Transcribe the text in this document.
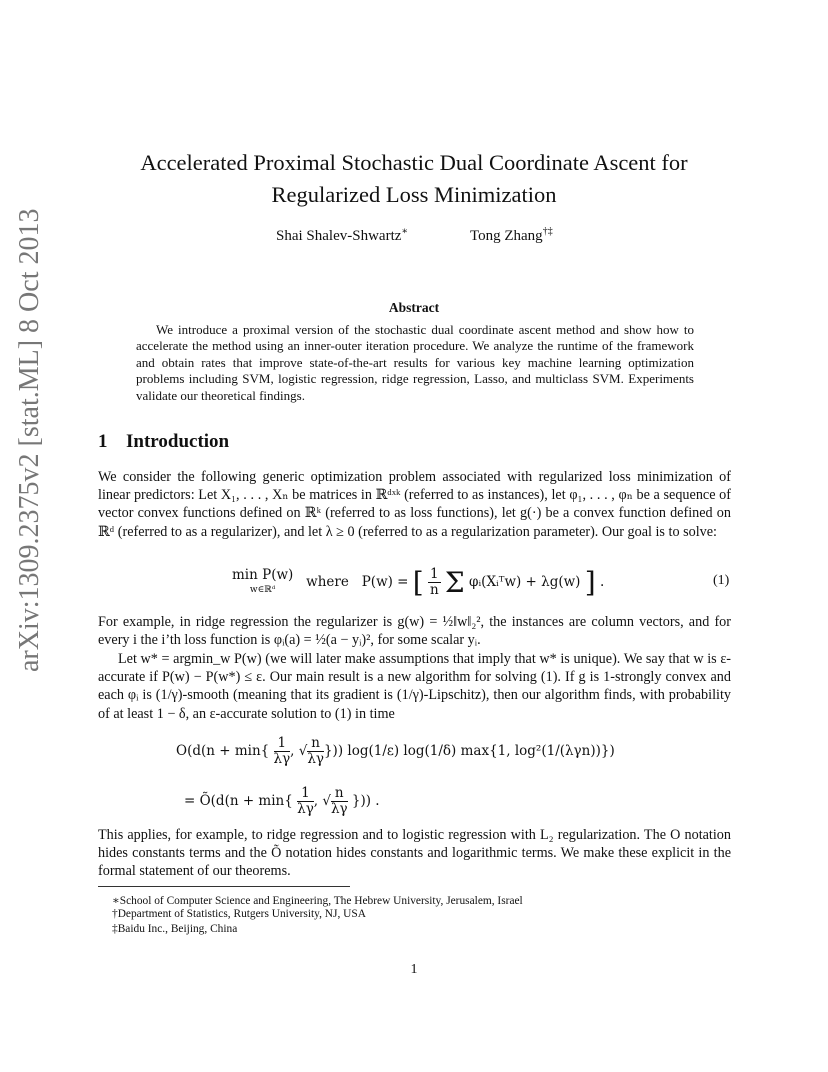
arXiv:1309.2375v2 [stat.ML] 8 Oct 2013
Accelerated Proximal Stochastic Dual Coordinate Ascent for
Regularized Loss Minimization
Shai Shalev-Shwartz∗	Tong Zhang†‡
Abstract

We introduce a proximal version of the stochastic dual coordinate ascent method and show how to accelerate the method using an inner-outer iteration procedure. We analyze the runtime of the framework and obtain rates that improve state-of-the-art results for various key machine learning optimization problems including SVM, logistic regression, ridge regression, Lasso, and multiclass SVM. Experiments validate our theoretical findings.

1 Introduction

We consider the following generic optimization problem associated with regularized loss minimization of linear predictors: Let X₁, . . . , Xₙ be matrices in ℝᵈˣᵏ (referred to as instances), let φ₁, . . . , φₙ be a sequence of vector convex functions defined on ℝᵏ (referred to as loss functions), let g(·) be a convex function defined on ℝᵈ (referred to as a regularizer), and let λ ≥ 0 (referred to as a regularization parameter). Our goal is to solve:

min P(w)
w∈ℝᵈ	where P(w) = [ $\frac{1}{n}$ Σ φᵢ(Xᵢᵀw) + λg(w) ] .	(1)

For example, in ridge regression the regularizer is g(w) = ½‖w‖₂², the instances are column vectors, and for every i the i’th loss function is φᵢ(a) = ½(a − yᵢ)², for some scalar yᵢ.

Let w* = argmin_w P(w) (we will later make assumptions that imply that w* is unique). We say that w is ε-accurate if P(w) − P(w*) ≤ ε. Our main result is a new algorithm for solving (1). If g is 1-strongly convex and each φᵢ is (1/γ)-smooth (meaning that its gradient is (1/γ)-Lipschitz), then our algorithm finds, with probability of at least 1 − δ, an ε-accurate solution to (1) in time

$O(d(n + \min\{ \frac{1}{\lambda\gamma}$, √ $\frac{n}{\lambda\gamma}$})) log(1/ε) log(1/δ) max{1, log²(1/(λγn))})
= Õ(d(n + $\min\{ \frac{1}{\lambda\gamma}$, √ $\frac{n}{\lambda\gamma}$ })) .

This applies, for example, to ridge regression and to logistic regression with L₂ regularization. The O notation hides constants terms and the Õ notation hides constants and logarithmic terms. We make these explicit in the formal statement of our theorems.

∗School of Computer Science and Engineering, The Hebrew University, Jerusalem, Israel
†Department of Statistics, Rutgers University, NJ, USA
‡Baidu Inc., Beijing, China
1
